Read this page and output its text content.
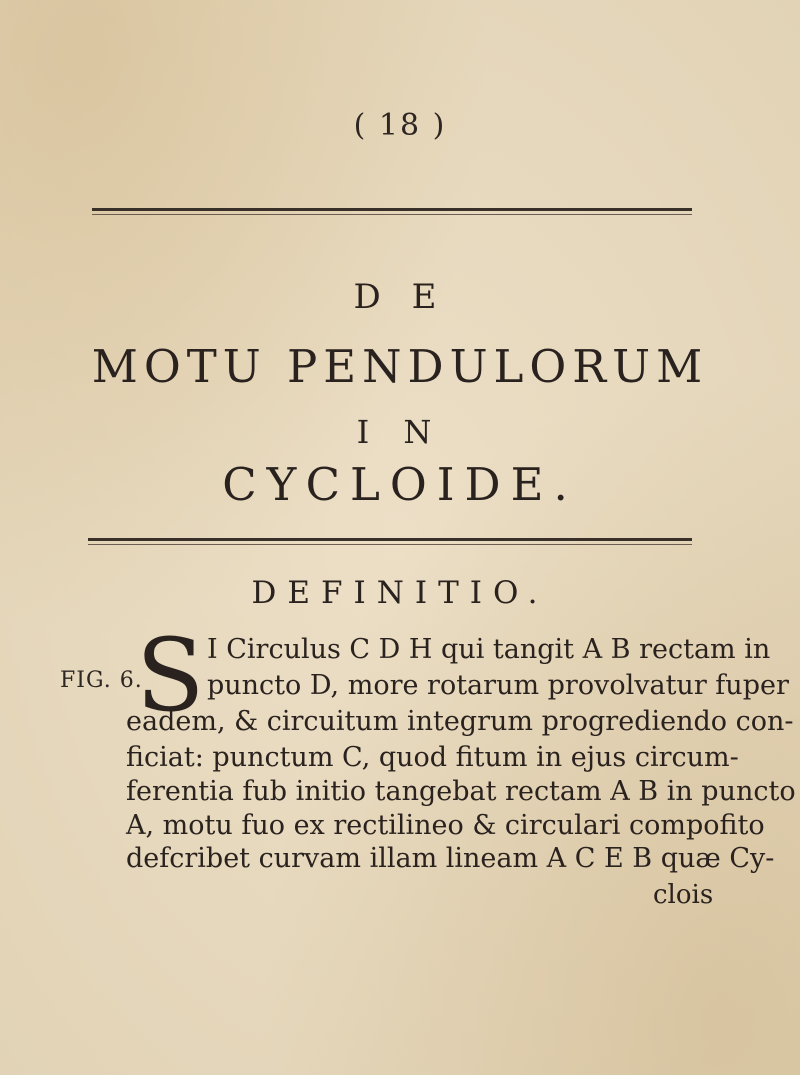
( 18 )
D E
MOTU PENDULORUM
I N
CYCLOIDE.
DEFINITIO.
FIG. 6.
S I Circulus C D H qui tangit A B rectam in
puncto D, more rotarum provolvatur fuper
eadem, & circuitum integrum progrediendo con-
ficiat: punctum C, quod fitum in ejus circum-
ferentia fub initio tangebat rectam A B in puncto
A, motu fuo ex rectilineo & circulari compofito
defcribet curvam illam lineam A C E B quæ Cy-
clois
